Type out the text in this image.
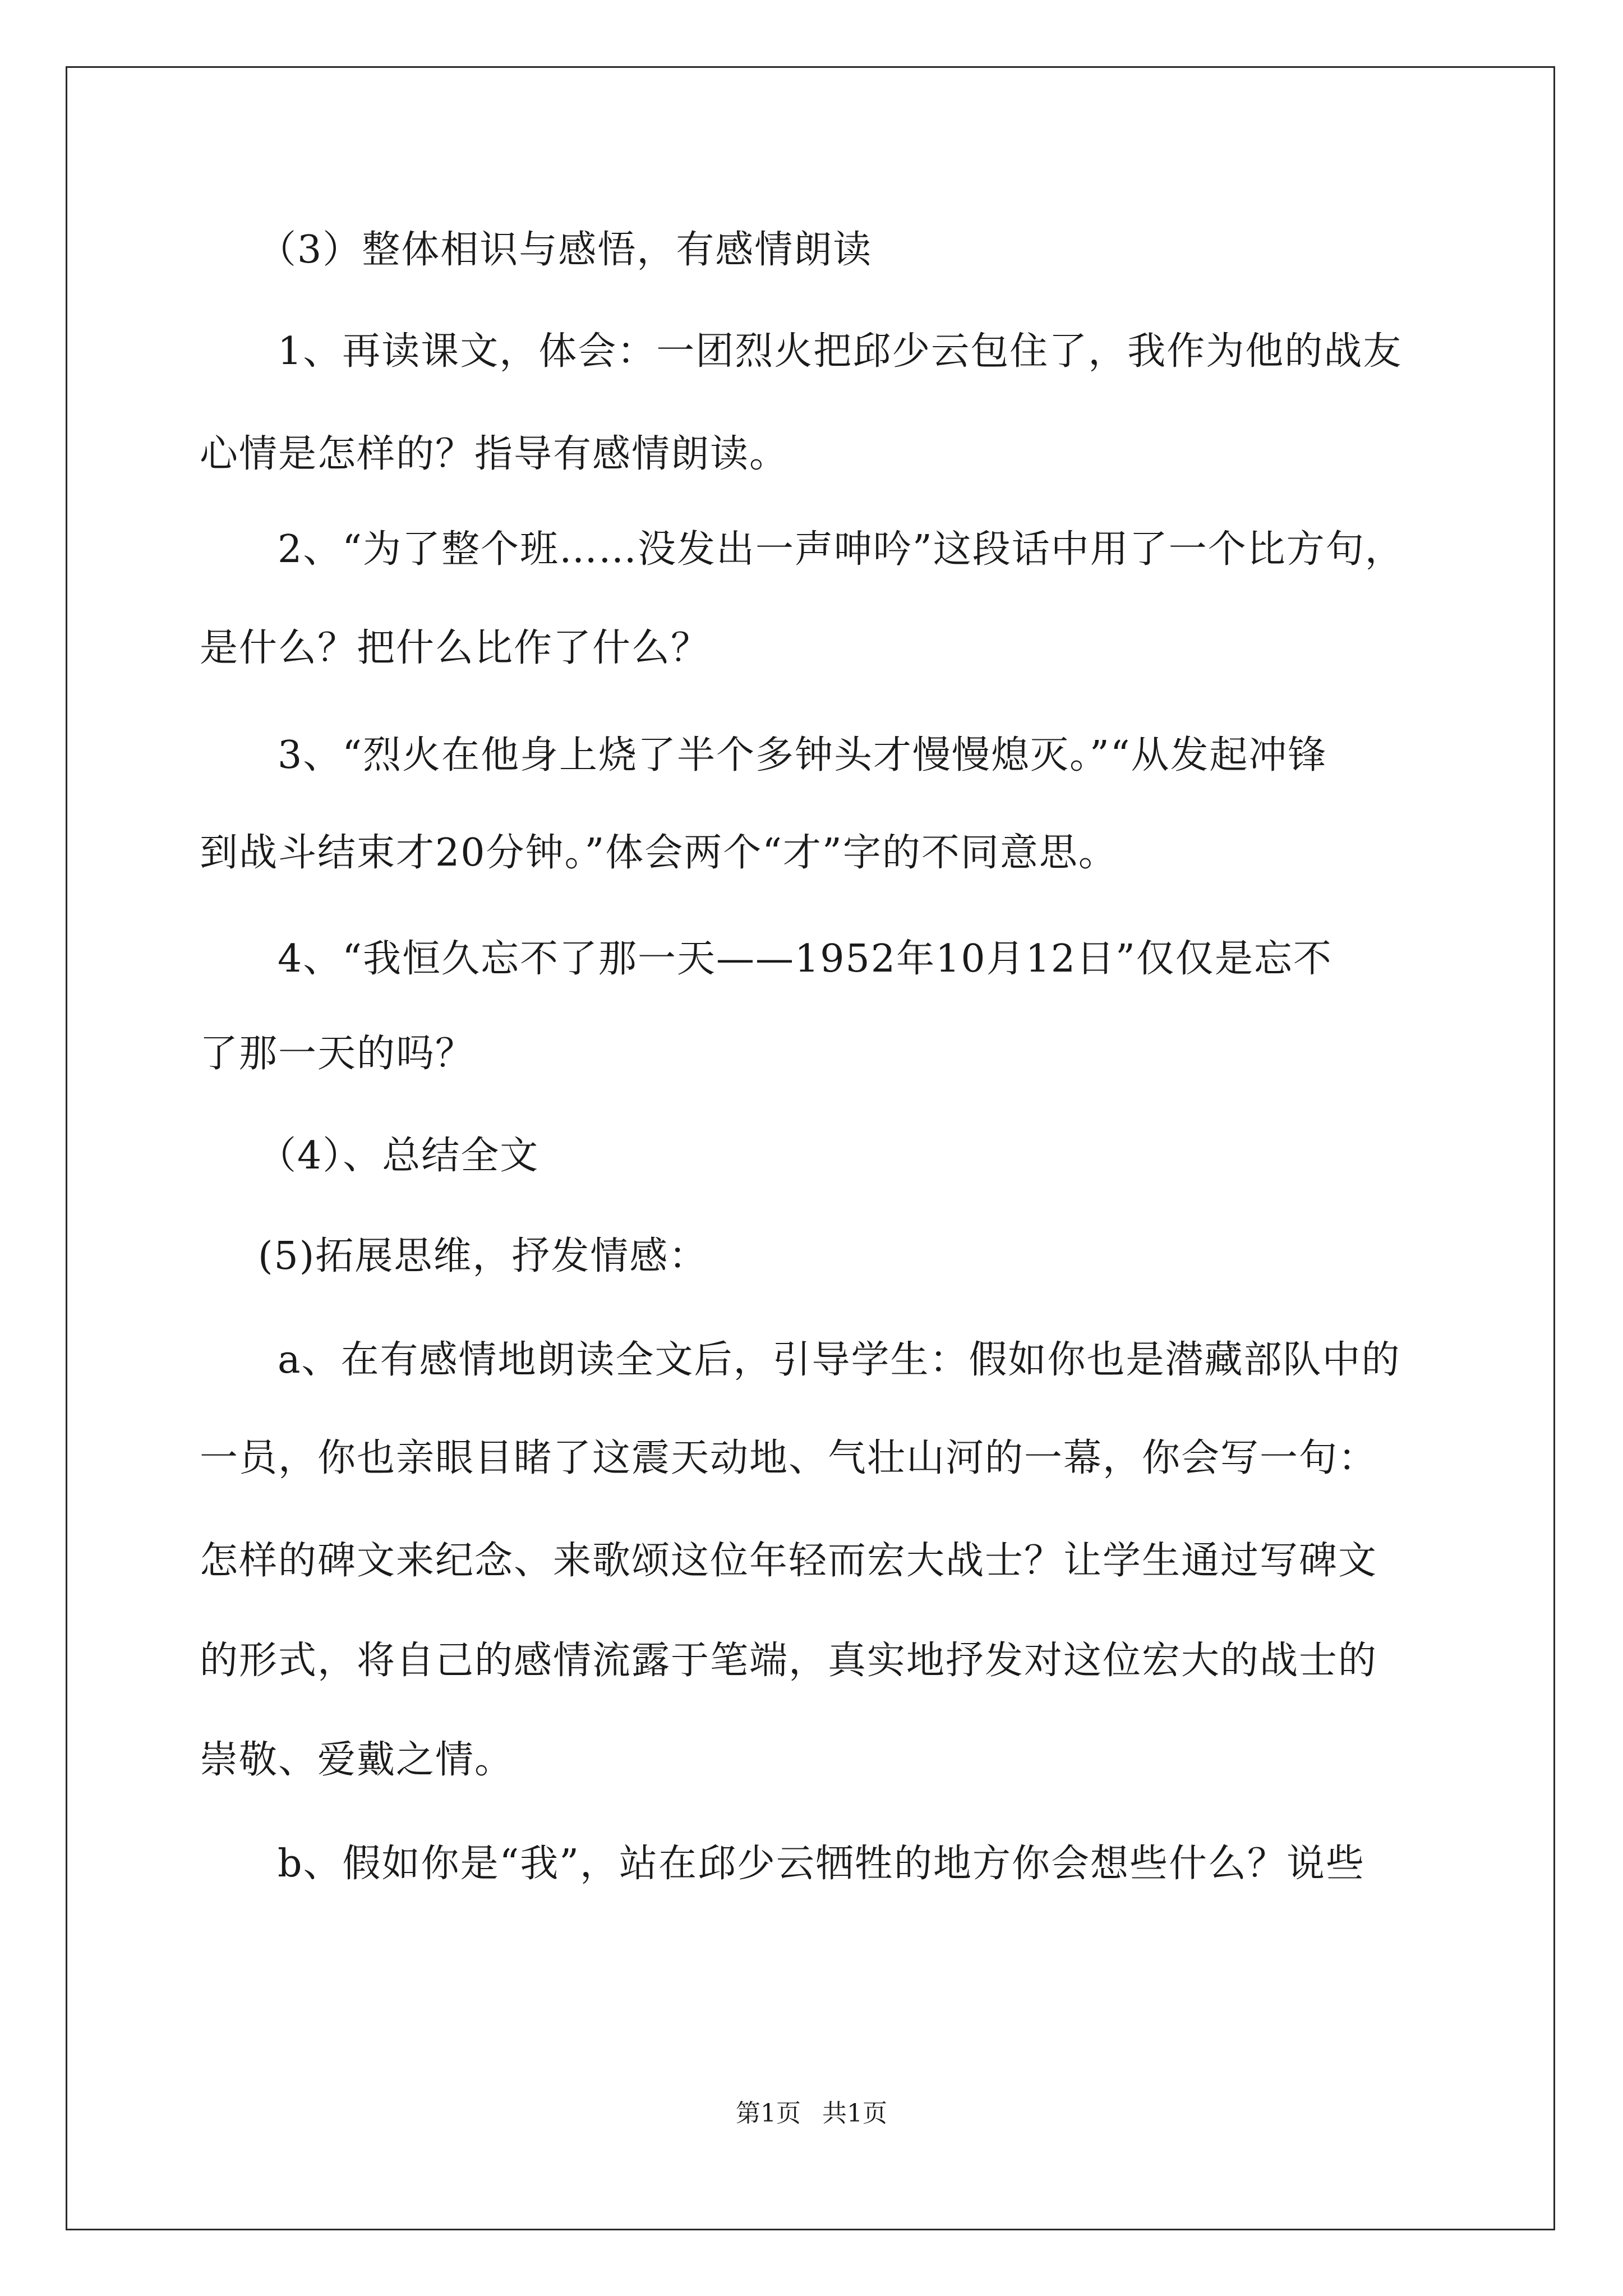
（3）整体相识与感悟，有感情朗读
1、再读课文，体会：一团烈火把邱少云包住了，我作为他的战友
心情是怎样的？指导有感情朗读。
2、“为了整个班……没发出一声呻吟”这段话中用了一个比方句，
是什么？把什么比作了什么？
3、“烈火在他身上烧了半个多钟头才慢慢熄灭。”“从发起冲锋
到战斗结束才20分钟。”体会两个“才”字的不同意思。
4、“我恒久忘不了那一天——1952年10月12日”仅仅是忘不
了那一天的吗？
（4）、总结全文
(5)拓展思维，抒发情感：
a、在有感情地朗读全文后，引导学生：假如你也是潜藏部队中的
一员，你也亲眼目睹了这震天动地、气壮山河的一幕，你会写一句：
怎样的碑文来纪念、来歌颂这位年轻而宏大战士？让学生通过写碑文
的形式，将自己的感情流露于笔端，真实地抒发对这位宏大的战士的
崇敬、爱戴之情。
b、假如你是“我”，站在邱少云牺牲的地方你会想些什么？说些
第1页 共1页
